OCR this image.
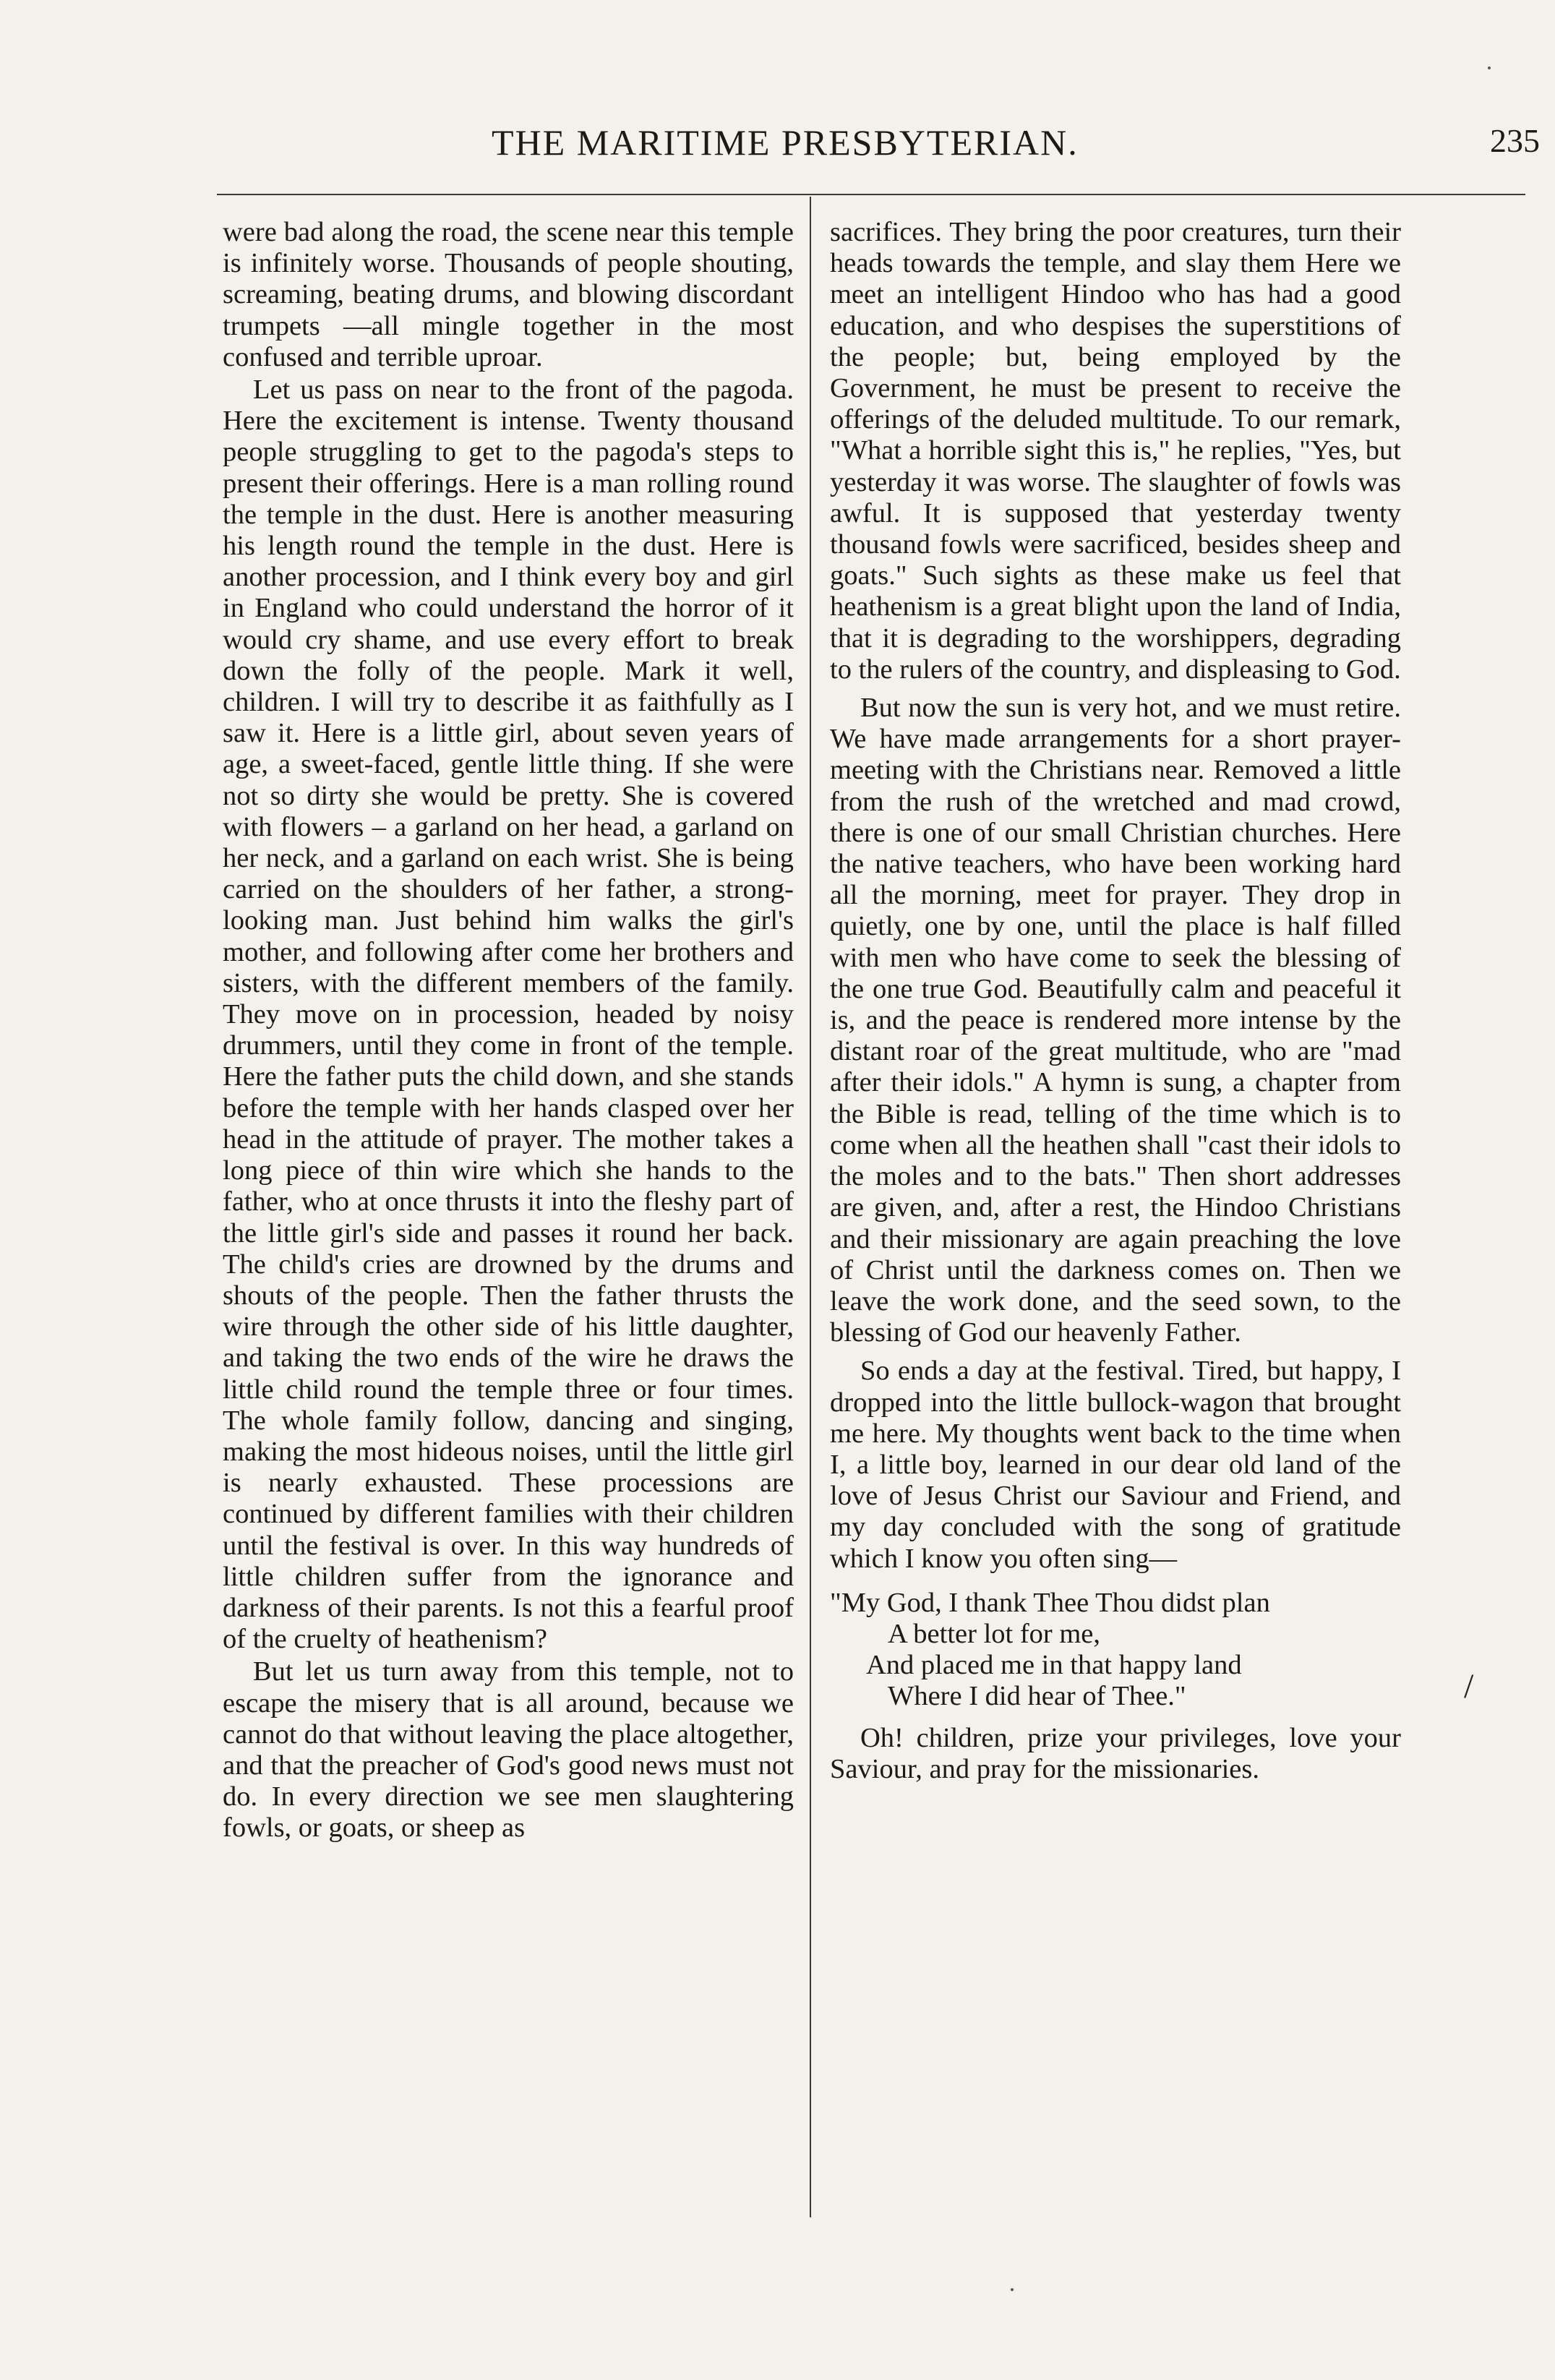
THE MARITIME PRESBYTERIAN.	235

were bad along the road, the scene near this temple is infinitely worse. Thousands of people shouting, screaming, beating drums, and blowing discordant trumpets —all mingle together in the most confused and terrible uproar.

Let us pass on near to the front of the pagoda. Here the excitement is intense. Twenty thousand people struggling to get to the pagoda's steps to present their offerings. Here is a man rolling round the temple in the dust. Here is another measuring his length round the temple in the dust. Here is another procession, and I think every boy and girl in England who could understand the horror of it would cry shame, and use every effort to break down the folly of the people. Mark it well, children. I will try to describe it as faithfully as I saw it. Here is a little girl, about seven years of age, a sweet-faced, gentle little thing. If she were not so dirty she would be pretty. She is covered with flowers – a garland on her head, a garland on her neck, and a garland on each wrist. She is being carried on the shoulders of her father, a strong-looking man. Just behind him walks the girl's mother, and following after come her brothers and sisters, with the different members of the family. They move on in procession, headed by noisy drummers, until they come in front of the temple. Here the father puts the child down, and she stands before the temple with her hands clasped over her head in the attitude of prayer. The mother takes a long piece of thin wire which she hands to the father, who at once thrusts it into the fleshy part of the little girl's side and passes it round her back. The child's cries are drowned by the drums and shouts of the people. Then the father thrusts the wire through the other side of his little daughter, and taking the two ends of the wire he draws the little child round the temple three or four times. The whole family follow, dancing and singing, making the most hideous noises, until the little girl is nearly exhausted. These processions are continued by different families with their children until the festival is over. In this way hundreds of little children suffer from the ignorance and darkness of their parents. Is not this a fearful proof of the cruelty of heathenism?

But let us turn away from this temple, not to escape the misery that is all around, because we cannot do that without leaving the place altogether, and that the preacher of God's good news must not do. In every direction we see men slaughtering fowls, or goats, or sheep as

sacrifices. They bring the poor creatures, turn their heads towards the temple, and slay them Here we meet an intelligent Hindoo who has had a good education, and who despises the superstitions of the people; but, being employed by the Government, he must be present to receive the offerings of the deluded multitude. To our remark, "What a horrible sight this is," he replies, "Yes, but yesterday it was worse. The slaughter of fowls was awful. It is supposed that yesterday twenty thousand fowls were sacrificed, besides sheep and goats." Such sights as these make us feel that heathenism is a great blight upon the land of India, that it is degrading to the worshippers, degrading to the rulers of the country, and displeasing to God.

But now the sun is very hot, and we must retire. We have made arrangements for a short prayer-meeting with the Christians near. Removed a little from the rush of the wretched and mad crowd, there is one of our small Christian churches. Here the native teachers, who have been working hard all the morning, meet for prayer. They drop in quietly, one by one, until the place is half filled with men who have come to seek the blessing of the one true God. Beautifully calm and peaceful it is, and the peace is rendered more intense by the distant roar of the great multitude, who are "mad after their idols." A hymn is sung, a chapter from the Bible is read, telling of the time which is to come when all the heathen shall "cast their idols to the moles and to the bats." Then short addresses are given, and, after a rest, the Hindoo Christians and their missionary are again preaching the love of Christ until the darkness comes on. Then we leave the work done, and the seed sown, to the blessing of God our heavenly Father.

So ends a day at the festival. Tired, but happy, I dropped into the little bullock-wagon that brought me here. My thoughts went back to the time when I, a little boy, learned in our dear old land of the love of Jesus Christ our Saviour and Friend, and my day concluded with the song of gratitude which I know you often sing—

"My God, I thank Thee Thou didst plan
A better lot for me,
And placed me in that happy land
Where I did hear of Thee."

Oh! children, prize your privileges, love your Saviour, and pray for the missionaries.

/
